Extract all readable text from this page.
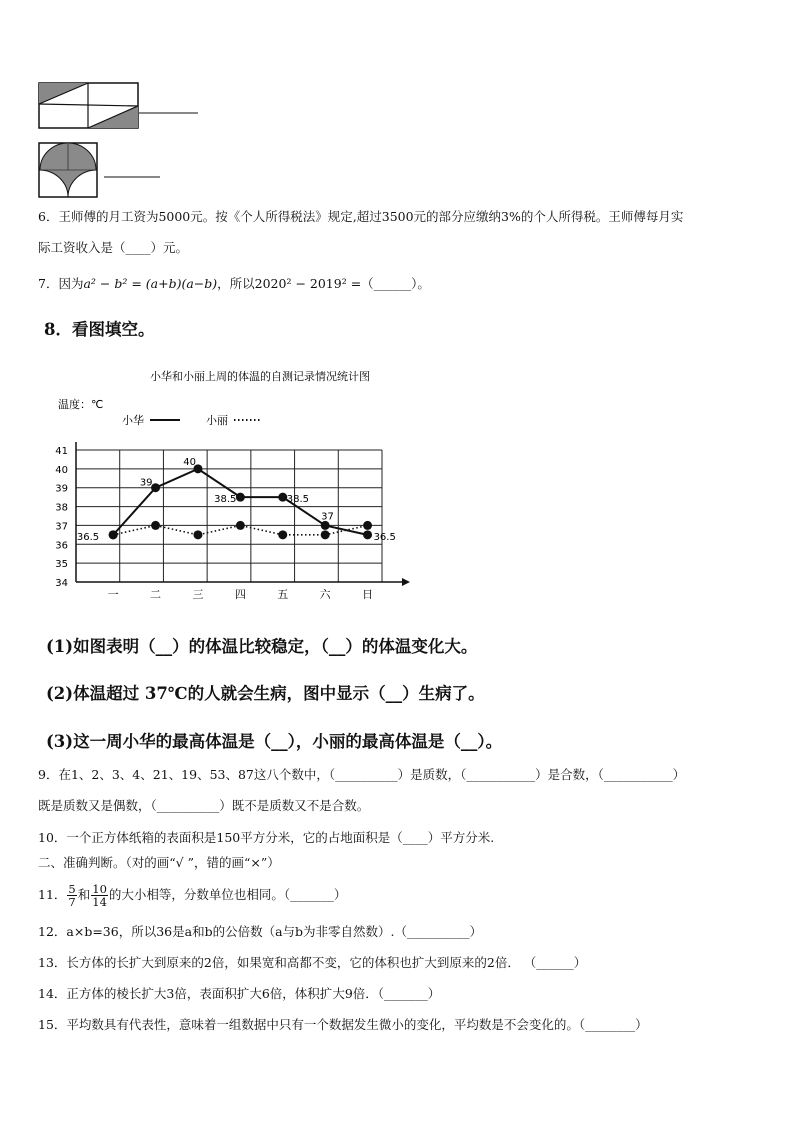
6．王师傅的月工资为5000元。按《个人所得税法》规定,超过3500元的部分应缴纳3%的个人所得税。王师傅每月实
际工资收入是（____）元。
7．因为a² − b² = (a+b)(a−b)，所以2020² − 2019² =（______）。
8．看图填空。
小华和小丽上周的体温的自测记录情况统计图
温度：℃
小华	小丽
34
35
36
37
38
39
40
41
一	二	三	四	五	六	日
36.5
39
40
38.5	38.5
37
36.5
(1)如图表明（__）的体温比较稳定，（__）的体温变化大。
(2)体温超过 37℃的人就会生病，图中显示（__）生病了。
(3)这一周小华的最高体温是（__），小丽的最高体温是（__）。
9．在1、2、3、4、21、19、53、87这八个数中，（__________）是质数，（___________）是合数，（___________）
既是质数又是偶数，（__________）既不是质数又不是合数。
10．一个正方体纸箱的表面积是150平方分米，它的占地面积是（____）平方分米.
二、准确判断。（对的画“√ ”，错的画“×”）
11． $\frac{5}{7}$ 和 $\frac{10}{14}$ 的大小相等，分数单位也相同。（_______）
12．a×b=36，所以36是a和b的公倍数（a与b为非零自然数）.（__________）
13．长方体的长扩大到原来的2倍，如果宽和高都不变，它的体积也扩大到原来的2倍． （______）
14．正方体的棱长扩大3倍，表面积扩大6倍，体积扩大9倍．（_______）
15．平均数具有代表性，意味着一组数据中只有一个数据发生微小的变化，平均数是不会变化的。（________）
